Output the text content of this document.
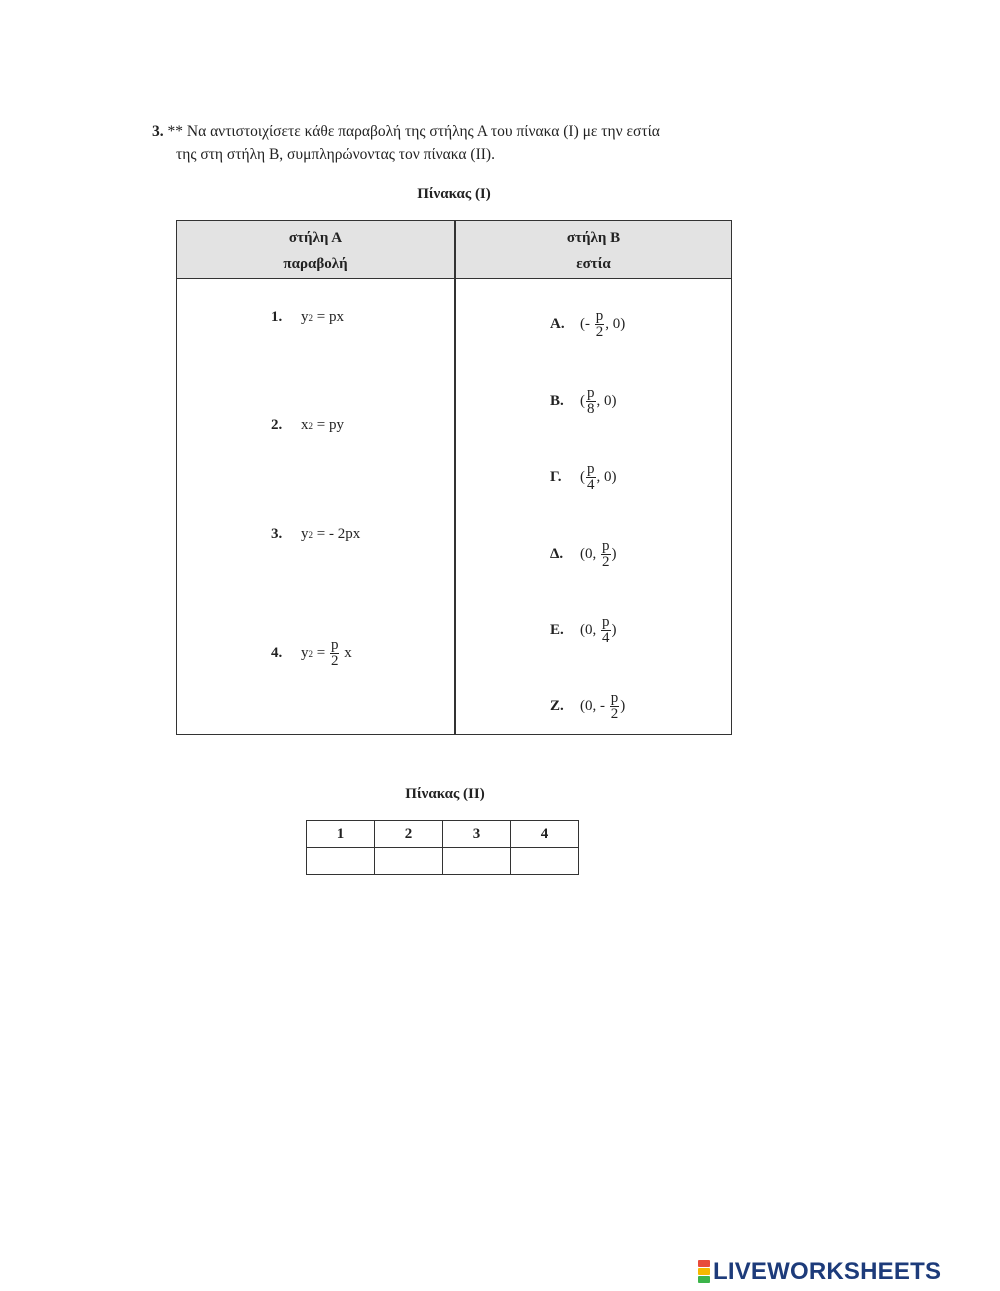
3. ** Να αντιστοιχίσετε κάθε παραβολή της στήλης Α του πίνακα (Ι) με την εστία
της στη στήλη Β, συμπληρώνοντας τον πίνακα (ΙΙ).
Πίνακας (Ι)
στήλη Α
παραβολή
στήλη Β
εστία
1.	y 2 = px
2.	x 2 = py
3.	y 2 = - 2px
4.	y $2 = \frac{p}{2}$ x
Α.	(- $\frac{p}{2}$ , 0)
Β.	( $\frac{p}{8}$ , 0)
Γ.	( $\frac{p}{4}$ , 0)
Δ.	(0, $\frac{p}{2}$ )
Ε.	(0, $\frac{p}{4}$ )
Ζ.	(0, - $\frac{p}{2}$ )
Πίνακας (ΙΙ)
1	2	3	4

LIVEWORKSHEETS
